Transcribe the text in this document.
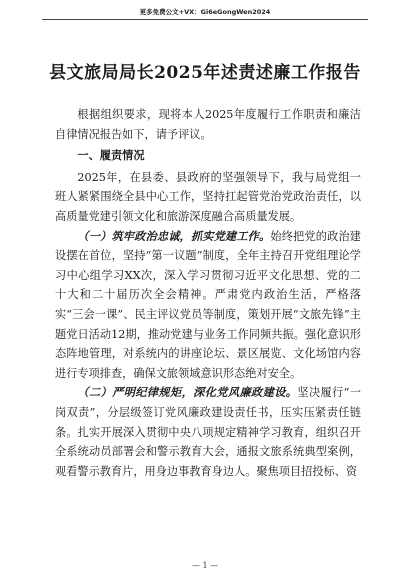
更多免费公文+VX：Gi6eGongWen2024
县文旅局局长2025年述责述廉工作报告

根据组织要求，现将本人2025年度履行工作职责和廉洁自律情况报告如下，请予评议。

一、履责情况

2025年，在县委、县政府的坚强领导下，我与局党组一班人紧紧围绕全县中心工作，坚持扛起管党治党政治责任，以高质量党建引领文化和旅游深度融合高质量发展。

（一）筑牢政治忠诚，抓实党建工作。始终把党的政治建设摆在首位，坚持“第一议题”制度，全年主持召开党组理论学习中心组学习XX次，深入学习贯彻习近平文化思想、党的二十大和二十届历次全会精神。严肃党内政治生活，严格落实“三会一课”、民主评议党员等制度，策划开展“文旅先锋”主题党日活动12期，推动党建与业务工作同频共振。强化意识形态阵地管理，对系统内的讲座论坛、景区展览、文化场馆内容进行专项排查，确保文旅领域意识形态绝对安全。

（二）严明纪律规矩，深化党风廉政建设。坚决履行“一岗双责”，分层级签订党风廉政建设责任书，压实压紧责任链条。扎实开展深入贯彻中央八项规定精神学习教育，组织召开全系统动员部署会和警示教育大会，通报文旅系统典型案例，观看警示教育片，用身边事教育身边人。聚焦项目招投标、资

— 1 —
